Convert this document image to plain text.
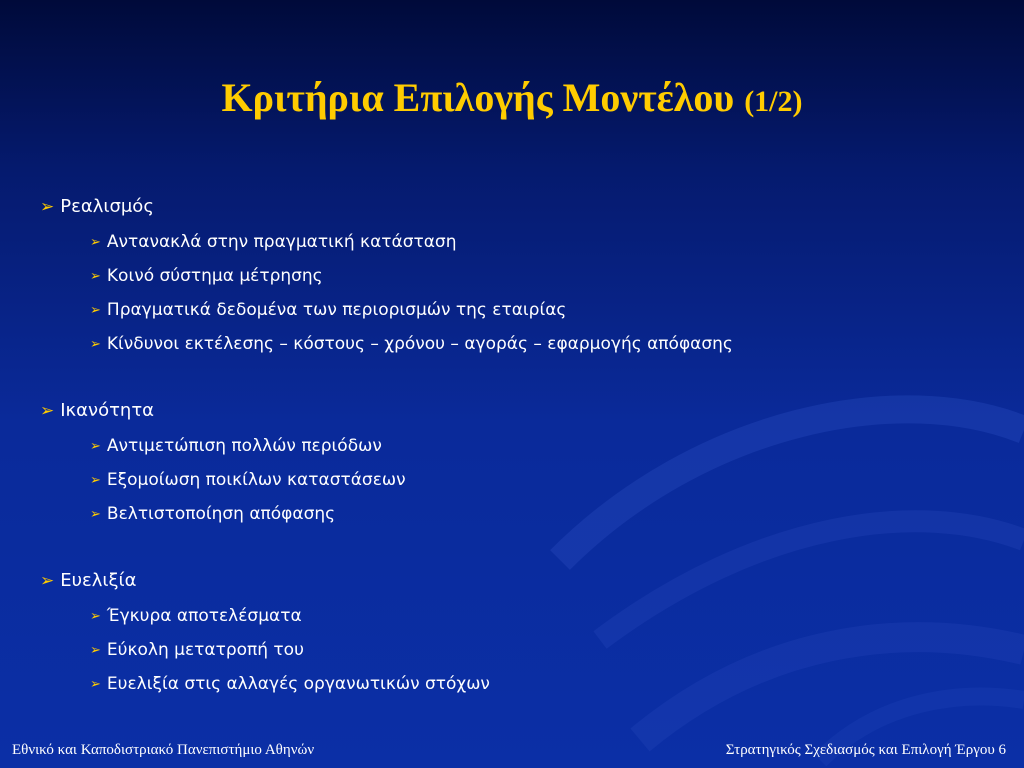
Κριτήρια Επιλογής Μοντέλου (1/2)
➢ Ρεαλισμός
➢ Αντανακλά στην πραγματική κατάσταση
➢ Κοινό σύστημα μέτρησης
➢ Πραγματικά δεδομένα των περιορισμών της εταιρίας
➢ Κίνδυνοι εκτέλεσης – κόστους – χρόνου – αγοράς – εφαρμογής απόφασης
➢ Ικανότητα
➢ Αντιμετώπιση πολλών περιόδων
➢ Εξομοίωση ποικίλων καταστάσεων
➢ Βελτιστοποίηση απόφασης
➢ Ευελιξία
➢ Έγκυρα αποτελέσματα
➢ Εύκολη μετατροπή του
➢ Ευελιξία στις αλλαγές οργανωτικών στόχων
Εθνικό και Καποδιστριακό Πανεπιστήμιο Αθηνών	Στρατηγικός Σχεδιασμός και Επιλογή Έργου 6
